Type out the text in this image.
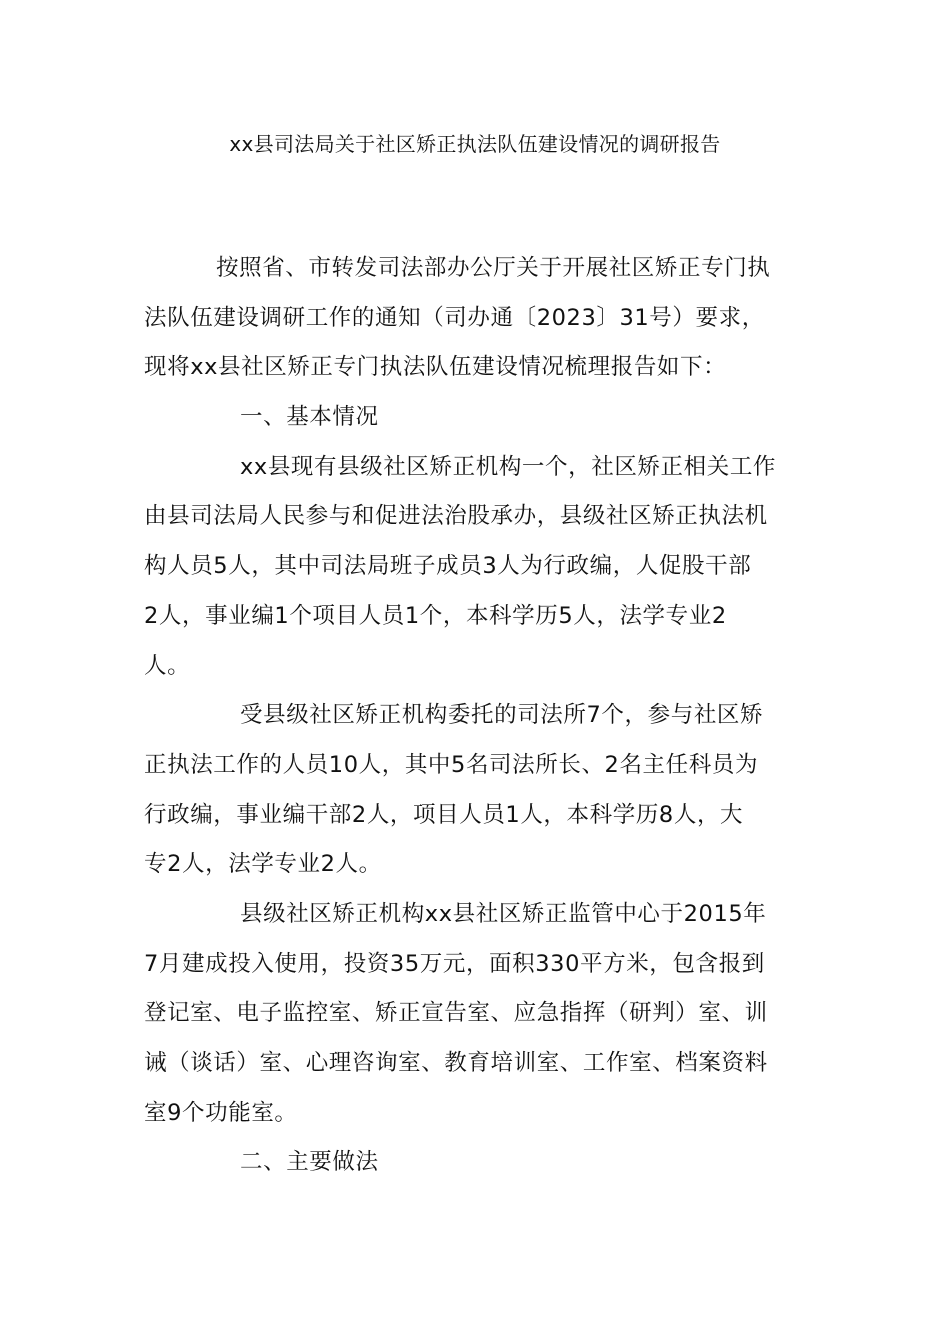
xx县司法局关于社区矫正执法队伍建设情况的调研报告
按照省、市转发司法部办公厅关于开展社区矫正专门执
法队伍建设调研工作的通知（司办通〔2023〕31号）要求，
现将xx县社区矫正专门执法队伍建设情况梳理报告如下：
一、基本情况
xx县现有县级社区矫正机构一个，社区矫正相关工作
由县司法局人民参与和促进法治股承办，县级社区矫正执法机
构人员5人，其中司法局班子成员3人为行政编，人促股干部
2人，事业编1个项目人员1个，本科学历5人，法学专业2
人。
受县级社区矫正机构委托的司法所7个，参与社区矫
正执法工作的人员10人，其中5名司法所长、2名主任科员为
行政编，事业编干部2人，项目人员1人，本科学历8人，大
专2人，法学专业2人。
县级社区矫正机构xx县社区矫正监管中心于2015年
7月建成投入使用，投资35万元，面积330平方米，包含报到
登记室、电子监控室、矫正宣告室、应急指挥（研判）室、训
诫（谈话）室、心理咨询室、教育培训室、工作室、档案资料
室9个功能室。
二、主要做法
